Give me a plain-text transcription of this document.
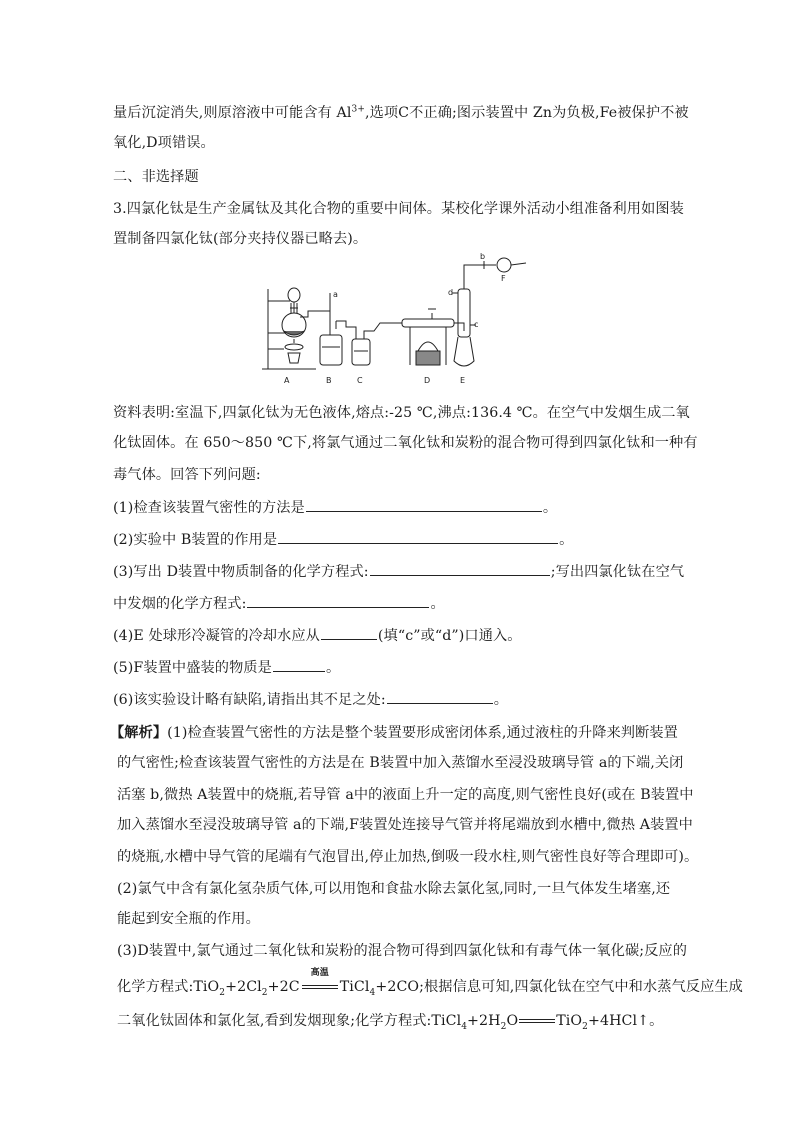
量后沉淀消失,则原溶液中可能含有 $Al^{3+}$,选项C不正确;图示装置中 Zn为负极,Fe被保护不被
氧化,D项错误。
二、非选择题
3.四氯化钛是生产金属钛及其化合物的重要中间体。某校化学课外活动小组准备利用如图装
置制备四氯化钛(部分夹持仪器已略去)。
A	B	C	D	E
F
a
b
c
d
资料表明:室温下,四氯化钛为无色液体,熔点:-25 ℃,沸点:136.4 ℃。在空气中发烟生成二氧
化钛固体。在 650～850 ℃下,将氯气通过二氧化钛和炭粉的混合物可得到四氯化钛和一种有
毒气体。回答下列问题:
(1)检查该装置气密性的方法是	。
(2)实验中 B装置的作用是	。
(3)写出 D装置中物质制备的化学方程式:	;写出四氯化钛在空气
中发烟的化学方程式:	。
(4)E 处球形冷凝管的冷却水应从	(填“c”或“d”)口通入。
(5)F装置中盛装的物质是	。
(6)该实验设计略有缺陷,请指出其不足之处:	。
【解析】(1)检查装置气密性的方法是整个装置要形成密闭体系,通过液柱的升降来判断装置
的气密性;检查该装置气密性的方法是在 B装置中加入蒸馏水至浸没玻璃导管 a的下端,关闭
活塞 b,微热 A装置中的烧瓶,若导管 a中的液面上升一定的高度,则气密性良好(或在 B装置中
加入蒸馏水至浸没玻璃导管 a的下端,F装置处连接导气管并将尾端放到水槽中,微热 A装置中
的烧瓶,水槽中导气管的尾端有气泡冒出,停止加热,倒吸一段水柱,则气密性良好等合理即可)。
(2)氯气中含有氯化氢杂质气体,可以用饱和食盐水除去氯化氢,同时,一旦气体发生堵塞,还
能起到安全瓶的作用。
(3)D装置中,氯气通过二氧化钛和炭粉的混合物可得到四氯化钛和有毒气体一氧化碳;反应的
化学方程式$:TiO_2+2Cl_2+2C$
高温
TiCl$_4$+2CO;根据信息可知,四氯化钛在空气中和水蒸气反应生成
二氧化钛固体和氯化氢,看到发烟现象;化学方程式$:TiCl_4+2H_2O$	TiO$_2$+4HCl↑。
